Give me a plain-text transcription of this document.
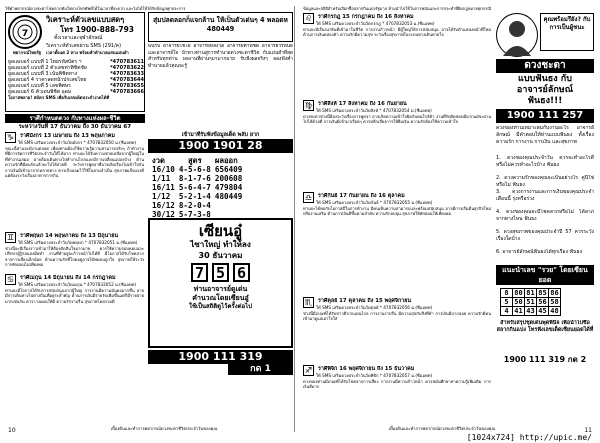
ใช้คำพยากรณ์ดวงชะตาโชคลาภทันใจทางโทรศัพท์ได้ในเวลาที่สะดวก และไม่ได้ให้ได้รับข้อมูลทุกประการ
7
พยากรณ์ไทยรัฐ
วิเคราะห์ตัวเลขแบบสดๆ
โทร 1900-888-793
ทั้งเวลาและจุฬาลักษณ์
วิเคราะห์ตัวเลขผ่าน SMS (291/ค)
เวลาตั้งแต่ 2 ทาง พร้อมคำทำนายแสนแม่นยำ
ยูลเลเบอร์ แบบที่ 1 ไทยรหัสบัตร ฯ	*470783611
ยูลเลเบอร์ แบบที่ 2 ตัวเลขท่าพิชิตชัย	*470783622
ยูลเลเบอร์ แบบที่ 3 เน้นพิชิตทาง	*470783633
ยูลเลเบอร์ 4 ราคาลดหน้าปกเลขไทย	*470783644
ยูลเลเบอร์ แบบที่ 5 เลขพิศษร	*470783655
ยูลเลเบอร์ 6 ตัวเด่นพิชิต อุดม	*470783666
โอกาสพลาย! สมัคร SMS เพื่อรับเลขเด็ดประจำงวดได้ที่
ราศีกำหนดดวง กับทางแห่งผล-ชีวิต
ระหว่างวันที่ 17 ธันวาคม ถึง 30 ธันวาคม 67
♑	ราศีมังกร 13 เมษายน ถึง 13 พฤษภาคม
ให้ SMS เสริมดวงประจำวันวัดมังกร * 4707832050 ม.(ซีแอทท)
ขณะนี้ท่านจะมีงานตลอด เพียงท่านต้องใช้ความรู้ความสามารถจริงๆ ถ้าทำงานที่มีการจัดการชีวิตประจำวันให้ได้มาก ท่านจะได้รับความช่วยเหลือจากผู้ใหญ่ในที่ทำงานเสมอ อาจต้องเดินทางไปทำงานไกลและมีการเปลี่ยนแปลงบ้าง ด้านความรักที่มีคนรักแล้วจะไปได้สวยดี ระวังการพูดจาที่อาจเกิดเรื่องไม่เข้าใจกัน การเงินมีเข้ามาจากหลายทาง ควรเก็บออมไว้ใช้ในยามจำเป็น สุขภาพแข็งแรงดีแต่ต้องระวังเรื่องอาหารการกิน
♊	ราศีพฤษภ 14 พฤษภาคม ถึง 13 มิถุนายน
ให้ SMS เสริมดวงประจำวันวัดพฤษภ * 4707832051 ม.(ซีแอทท)
ช่วงนี้จะมีเรื่องราวเข้ามาให้ต้องตัดสินใจมากมาย ควรใช้ความรอบคอบและปรึกษาผู้รู้ก่อนลงมือทำ งานที่ทำอยู่จะก้าวหน้าไปได้ดี มีโอกาสได้รับโชคลาภจากการเสี่ยงเล็กน้อย ด้านความรักที่โสดอยู่อาจได้พบคนถูกใจ สุขภาพให้ระวังการพักผ่อนไม่เพียงพอ
♋	ราศีเมถุน 14 มิถุนายน ถึง 14 กรกฎาคม
ให้ SMS เสริมดวงประจำวันวัดเมถุน * 4707832052 ม.(ซีแอทท)
ท่านจะมีโอกาสได้รับการสนับสนุนจากผู้ใหญ่ การงานมีความมั่นคงมากขึ้น อาจมีการเดินทางไปต่างถิ่นเพื่อธุระสำคัญ ด้านการเงินมีรายรับเพิ่มขึ้นแต่ก็มีรายจ่ายมากเช่นกัน ควรวางแผนให้ดี ความรักราบรื่น สุขภาพโดยรวมดี
สุ่มปลดลอกก็แจกล้าน ให้เป็นตัวเด่นๆ 4 พลอดห 480449
พบกับ อาจารย์ไชโย อาจารย์หลงวด อาจารย์คำพิชิต อาจารย์วีรพันธ์ และอาจารย์ใจ นำทางท่านสู่การทำนายดวงชะตาชีวิต กับแม่นยำที่สุดสำหรับทุกท่าน ผลงานที่ผ่านๆมามากมาย รับฟังผลจริงๆ ลองฟังคำทำนายแล้วคุณจะรู้
เข้ามาทีรับฟังข้อมูลเด็ด พลับ ยาก
1900 1901 28
งวด	สูตร	ผลออก
16/10	4-5-6-8	656409
1/11	8-1-7-6	200608
16/11	5-6-4-7	479804
1/12	5-2-1-4	480449
16/12	8-2-0-4	
30/12	5-7-3-8	
เซียนอู๋
ไซาใหญ่ ทำให้ลง
30 ธันวาคม
7 5 6
ท่านอาจารย์ดูเด่น
คำนวณโดยเซียนอู๋
ใช้เป็นสถิติดูไว้ครั้งต่อไป
1900 111 319
กด 1
10	เบื้องต้นและทำการพยากรณ์ดวงชะตาชีวิตประจำวันของคุณ
ข้อมูลและสถิติสำหรับเลือกซื้อสลากกินแบ่งรัฐบาล ห้ามนำไปใช้ในการพนันและการกระทำที่ผิดกฎหมายทุกกรณี
♌	ราศีกรกฎ 15 กรกฎาคม ถึง 16 สิงหาคม
ให้ SMS เสริมดวงประจำวันวัดกรกฎ * 4707832053 ม.(ซีแอทท)
ท่านจะมีเรื่องน่ายินดีเข้ามาในชีวิต การงานก้าวหน้า มีผู้ใหญ่ให้การสนับสนุน อาจได้รับตำแหน่งหน้าที่ใหม่ ด้านการเงินคล่องตัว ความรักมีความสุข ระวังเรื่องสุขภาพในระบบทางเดินหายใจ
♍	ราศีสิงห์ 17 สิงหาคม ถึง 16 กันยายน
ให้ SMS เสริมดวงประจำวันวัดสิงห์ * 4707832054 ม.(ซีแอทท)
ดวงชะตาช่วงนี้ต้องระวังเรื่องการพูดจา อาจเกิดความเข้าใจผิดกับคนใกล้ตัว งานที่รับผิดชอบมีมากแต่จะผ่านไปได้ด้วยดี การเงินมีเข้ามาเรื่อยๆ ควรหลีกเลี่ยงการให้ยืมเงิน ความรักต้องใช้ความเข้าใจ
♎	ราศีกันย์ 17 กันยายน ถึง 16 ตุลาคม
ให้ SMS เสริมดวงประจำวันวัดกันย์ * 4707832055 ม.(ซีแอทท)
ท่านจะได้พบกับโอกาสดีในการทำงาน มีคนเห็นความสามารถและพร้อมสนับสนุน อาจมีการเริ่มต้นธุรกิจใหม่หรืองานเสริม ด้านการเงินดีขึ้นตามลำดับ ความรักอบอุ่น สุขภาพให้พักผ่อนให้เพียงพอ
♏	ราศีตุลย์ 17 ตุลาคม ถึง 15 พฤศจิกายน
ให้ SMS เสริมดวงประจำวันวัดตุลย์ * 4707832056 ม.(ซีแอทท)
ช่วงนี้มีเกณฑ์ได้รับข่าวดีจากแดนไกล การงานราบรื่น มีความสุขกับสิ่งที่ทำ การเงินมีลาภลอย ความรักมีคนเข้ามาดูแลเอาใจใส่
♐	ราศีพิจิก 16 พฤศจิกายน ถึง 15 ธันวาคม
ให้ SMS เสริมดวงประจำวันวัดพิจิก * 4707832057 ม.(ซีแอทท)
ดวงของท่านมีเกณฑ์ได้รับโชคจากการเสี่ยง การงานมีความก้าวหน้า ควรหมั่นศึกษาหาความรู้เพิ่มเติม การเงินดีมาก
คุณพร้อมรึยัง? กับการเป็นผู้ชนะ
ดวงชะตา
แบบฟันธง กับ
อาจารย์ลักษณ์
ฟันธง!!!
1900 111 257
ดวงของท่านเหมาะสมกับงานอะไร อาจารย์ลักษณ์ มีคำตอบให้ท่านแบบฟันธง ทั้งเรื่องความรัก การงาน การเงิน และสุขภาพ
1. ดวงของคุณประจำวัน ควรจะทำอะไรดี หรือไม่ควรทำอะไรบ้าง ฟันธง
2. ดวงความรักของคุณจะเป็นอย่างไร คู่นี้ใช่หรือไม่ ฟันธง
3. ดวงการงานและการเงินของคุณประจำเดือนนี้ รุ่งหรือร่วง
4. ดวงของคุณจะมีโชคลาภหรือไม่ ได้ลาภจากทางไหน ฟันธง
5. ดวงสุขภาพของคุณประจำปี 57 ควรระวังเรื่องใดบ้าง
6. อาจารย์ลักษณ์ฟันธงได้ทุกเรื่อง ฟันธง
แนะนำเลข "รวย" โดยเซียนยอด
8	80	81	85	86
5	50	51	56	58
4	41	43	45	48
สำหรับสรุปชุดเด่นพุดพินิจ เพื่อนำไปซื้อสลากกินแบ่ง โทรฟังเลขเด็ดเซียนยอดได้ที่
1900 111 319 กด 2
11
เบื้องต้นและทำการพยากรณ์ดวงชะตาชีวิตประจำวันของคุณ
[1024x724] http://upic.me/
